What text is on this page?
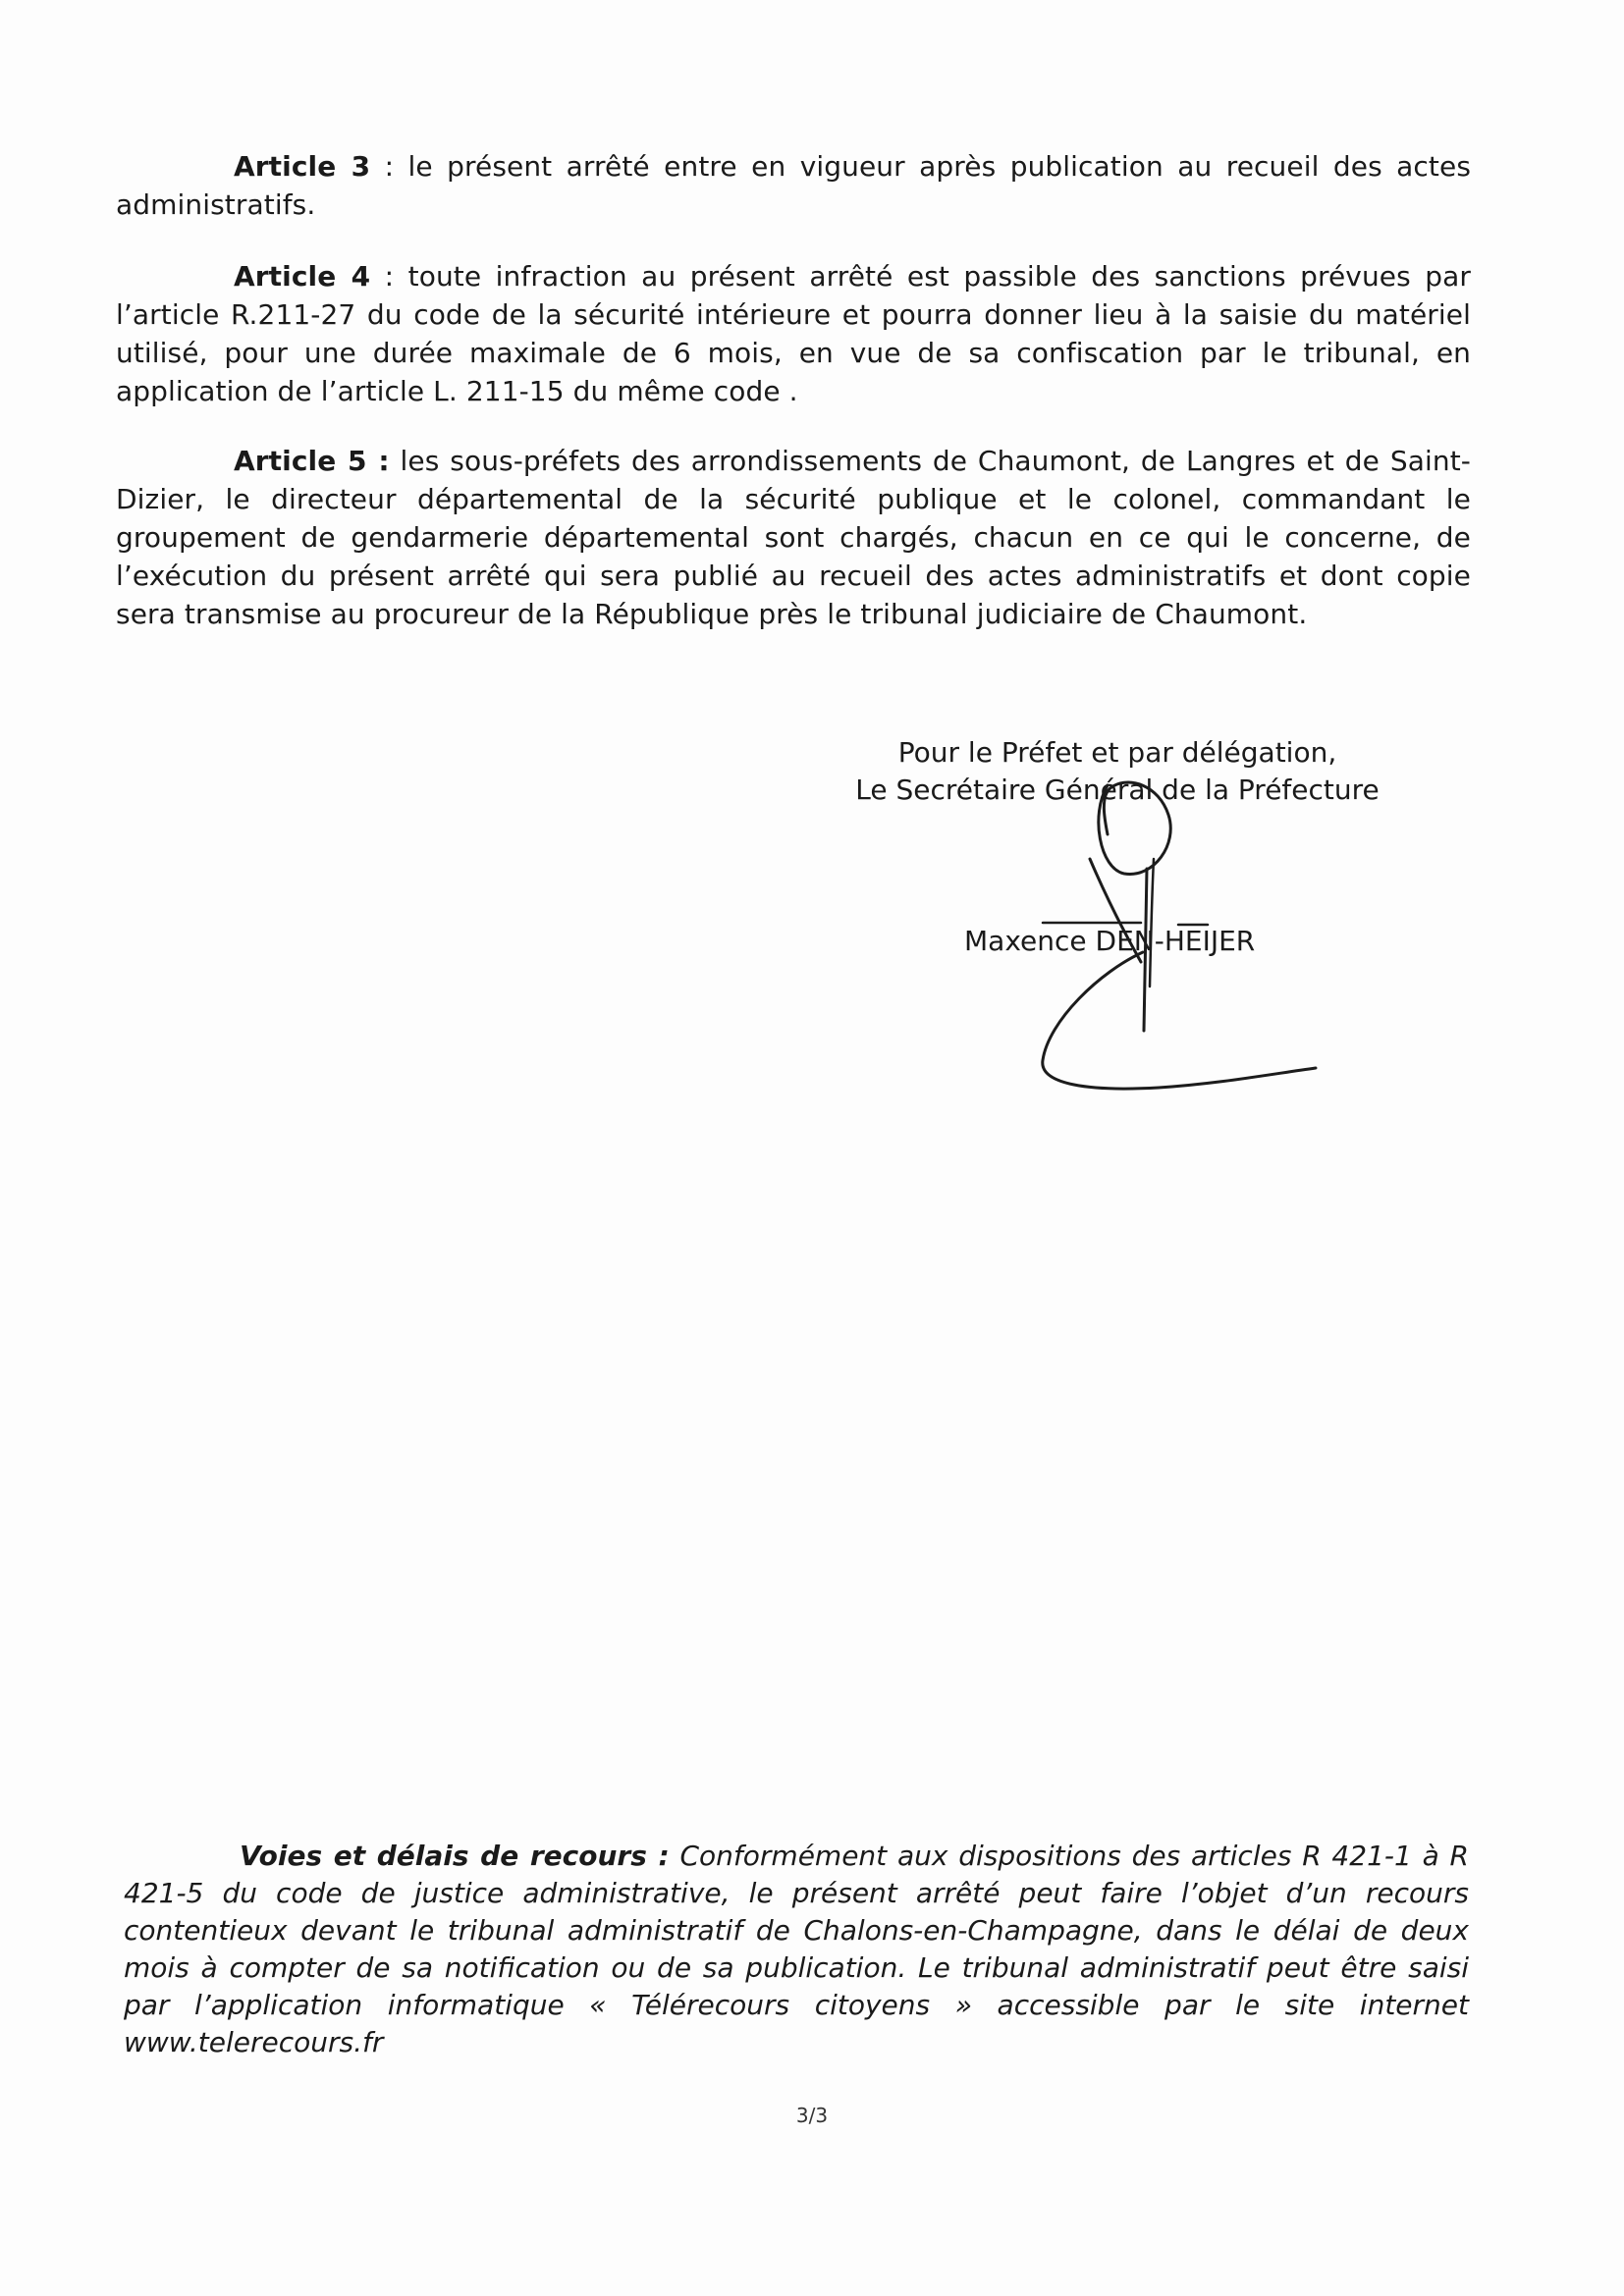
Article 3 : le présent arrêté entre en vigueur après publication au recueil des actes administratifs.

Article 4 : toute infraction au présent arrêté est passible des sanctions prévues par l’article R.211-27 du code de la sécurité intérieure et pourra donner lieu à la saisie du matériel utilisé, pour une durée maximale de 6 mois, en vue de sa confiscation par le tribunal, en application de l’article L. 211-15 du même code .

Article 5 : les sous-préfets des arrondissements de Chaumont, de Langres et de Saint-Dizier, le directeur départemental de la sécurité publique et le colonel, commandant le groupement de gendarmerie départemental sont chargés, chacun en ce qui le concerne, de l’exécution du présent arrêté qui sera publié au recueil des actes administratifs et dont copie sera transmise au procureur de la République près le tribunal judiciaire de Chaumont.

Pour le Préfet et par délégation,
Le Secrétaire Général de la Préfecture
Maxence DEN-HEIJER

Voies et délais de recours : Conformément aux dispositions des articles R 421-1 à R 421-5 du code de justice administrative, le présent arrêté peut faire l’objet d’un recours contentieux devant le tribunal administratif de Chalons-en-Champagne, dans le délai de deux mois à compter de sa notification ou de sa publication. Le tribunal administratif peut être saisi par l’application informatique « Télérecours citoyens » accessible par le site internet www.telerecours.fr

3/3
